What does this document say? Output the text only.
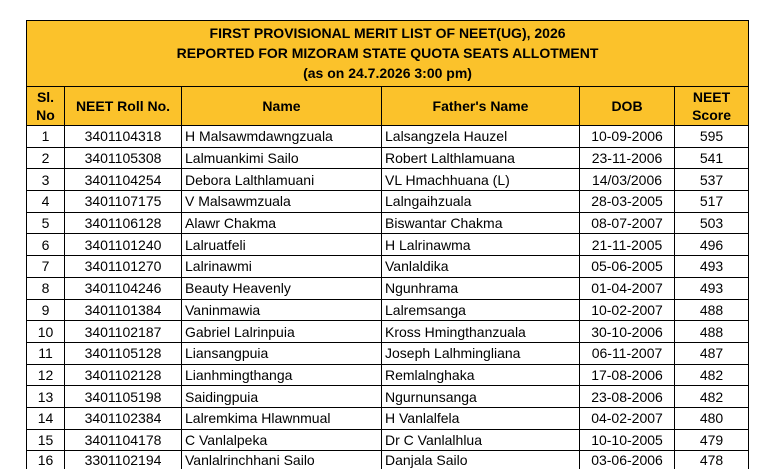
FIRST PROVISIONAL MERIT LIST OF NEET(UG), 2026
REPORTED FOR MIZORAM STATE QUOTA SEATS ALLOTMENT
(as on 24.7.2026 3:00 pm)					

Sl. No	NEET Roll No.	Name	Father's Name	DOB	NEET Score
1	3401104318	H Malsawmdawngzuala	Lalsangzela Hauzel	10-09-2006	595
2	3401105308	Lalmuankimi Sailo	Robert Lalthlamuana	23-11-2006	541
3	3401104254	Debora Lalthlamuani	VL Hmachhuana (L)	14/03/2006	537
4	3401107175	V Malsawmzuala	Lalngaihzuala	28-03-2005	517
5	3401106128	Alawr Chakma	Biswantar Chakma	08-07-2007	503
6	3401101240	Lalruatfeli	H Lalrinawma	21-11-2005	496
7	3401101270	Lalrinawmi	Vanlaldika	05-06-2005	493
8	3401104246	Beauty Heavenly	Ngunhrama	01-04-2007	493
9	3401101384	Vaninmawia	Lalremsanga	10-02-2007	488
10	3401102187	Gabriel Lalrinpuia	Kross Hmingthanzuala	30-10-2006	488
11	3401105128	Liansangpuia	Joseph Lalhmingliana	06-11-2007	487
12	3401102128	Lianhmingthanga	Remlalnghaka	17-08-2006	482
13	3401105198	Saidingpuia	Ngurnunsanga	23-08-2006	482
14	3401102384	Lalremkima Hlawnmual	H Vanlalfela	04-02-2007	480
15	3401104178	C Vanlalpeka	Dr C Vanlalhlua	10-10-2005	479
16	3301102194	Vanlalrinchhani Sailo	Danjala Sailo	03-06-2006	478
